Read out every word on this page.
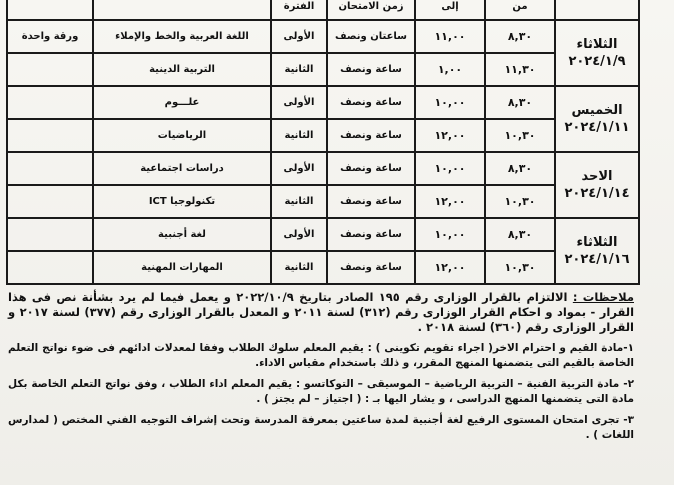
	من	إلى	زمن الامتحان	الفترة		

الثلاثاء
٢٠٢٤/١/٩	٨,٣٠	١١,٠٠	ساعتان ونصف	الأولى	اللغة العربية والخط والإملاء	ورقة واحدة
	١١,٣٠	١,٠٠	ساعة ونصف	الثانية	التربية الدينية	

الخميس
٢٠٢٤/١/١١	٨,٣٠	١٠,٠٠	ساعة ونصف	الأولى	علـــوم	
	١٠,٣٠	١٢,٠٠	ساعة ونصف	الثانية	الرياضيات	

الاحد
٢٠٢٤/١/١٤	٨,٣٠	١٠,٠٠	ساعة ونصف	الأولى	دراسات اجتماعية	
	١٠,٣٠	١٢,٠٠	ساعة ونصف	الثانية	تكنولوجيا ICT	

الثلاثاء
٢٠٢٤/١/١٦	٨,٣٠	١٠,٠٠	ساعة ونصف	الأولى	لغة أجنبية	
	١٠,٣٠	١٢,٠٠	ساعة ونصف	الثانية	المهارات المهنية	

ملاحظات : الالتزام بالقرار الوزارى رقم ١٩٥ الصادر بتاريخ ٢٠٢٢/١٠/٩ و يعمل فيما لم يرد بشأنة نص فى هذا القرار - بمواد و احكام القرار الوزارى رقم (٣١٢) لسنة ٢٠١١ و المعدل بالقرار الوزارى رقم (٣٧٧) لسنة ٢٠١٧ و القرار الوزارى رقم (٣٦٠) لسنة ٢٠١٨ .

١-مادة القيم و احترام الاخر( اجراء تقويم تكوينى ) : يقيم المعلم سلوك الطلاب وفقا لمعدلات ادائهم فى ضوء نواتج التعلم الخاصة بالقيم التى يتضمنها المنهج المقرر، و ذلك باستخدام مقياس الاداء.

٢- مادة التربية الفنية – التربية الرياضية – الموسيقى – التوكاتسو : يقيم المعلم اداء الطلاب ، وفق نواتج التعلم الخاصة بكل مادة التى يتضمنها المنهج الدراسى ، و يشار اليها بـ : ( اجتياز – لم يجتز ) .

٣- تجرى امتحان المستوى الرفيع لغة أجنبية لمدة ساعتين بمعرفة المدرسة وتحت إشراف التوجيه الفني المختص ( لمدارس اللغات ) .
